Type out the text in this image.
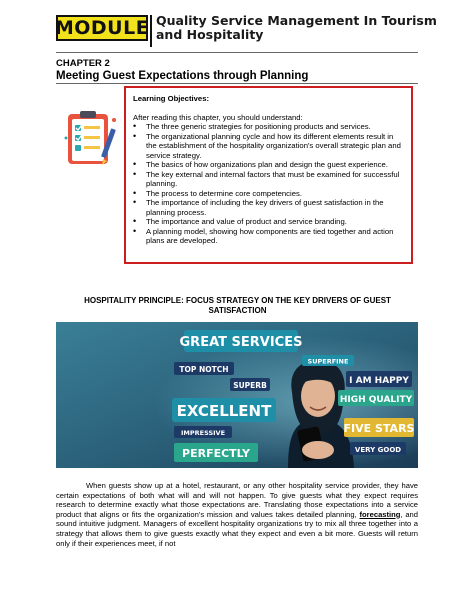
MODULE Quality Service Management In Tourism and Hospitality
CHAPTER 2
Meeting Guest Expectations through Planning
Learning Objectives:
After reading this chapter, you should understand:
• The three generic strategies for positioning products and services.
• The organizational planning cycle and how its different elements result in the establishment of the hospitality organization's overall strategic plan and service strategy.
• The basics of how organizations plan and design the guest experience.
• The key external and internal factors that must be examined for successful planning.
• The process to determine core competencies.
• The importance of including the key drivers of guest satisfaction in the planning process.
• The importance and value of product and service branding.
• A planning model, showing how components are tied together and action plans are developed.
HOSPITALITY PRINCIPLE: FOCUS STRATEGY ON THE KEY DRIVERS OF GUEST SATISFACTION
GREAT SERVICES
TOP NOTCH
SUPERFINE
SUPERB	I AM HAPPY
HIGH QUALITY
EXCELLENT
IMPRESSIVE	FIVE STARS
PERFECTLY	VERY GOOD
When guests show up at a hotel, restaurant, or any other hospitality service provider, they have certain expectations of both what will and will not happen. To give guests what they expect requires research to determine exactly what those expectations are. Translating those expectations into a service product that aligns or fits the organization's mission and values takes detailed planning, forecasting, and sound intuitive judgment. Managers of excellent hospitality organizations try to mix all three together into a strategy that allows them to give guests exactly what they expect and even a bit more. Guests will return only if their experiences meet, if not
